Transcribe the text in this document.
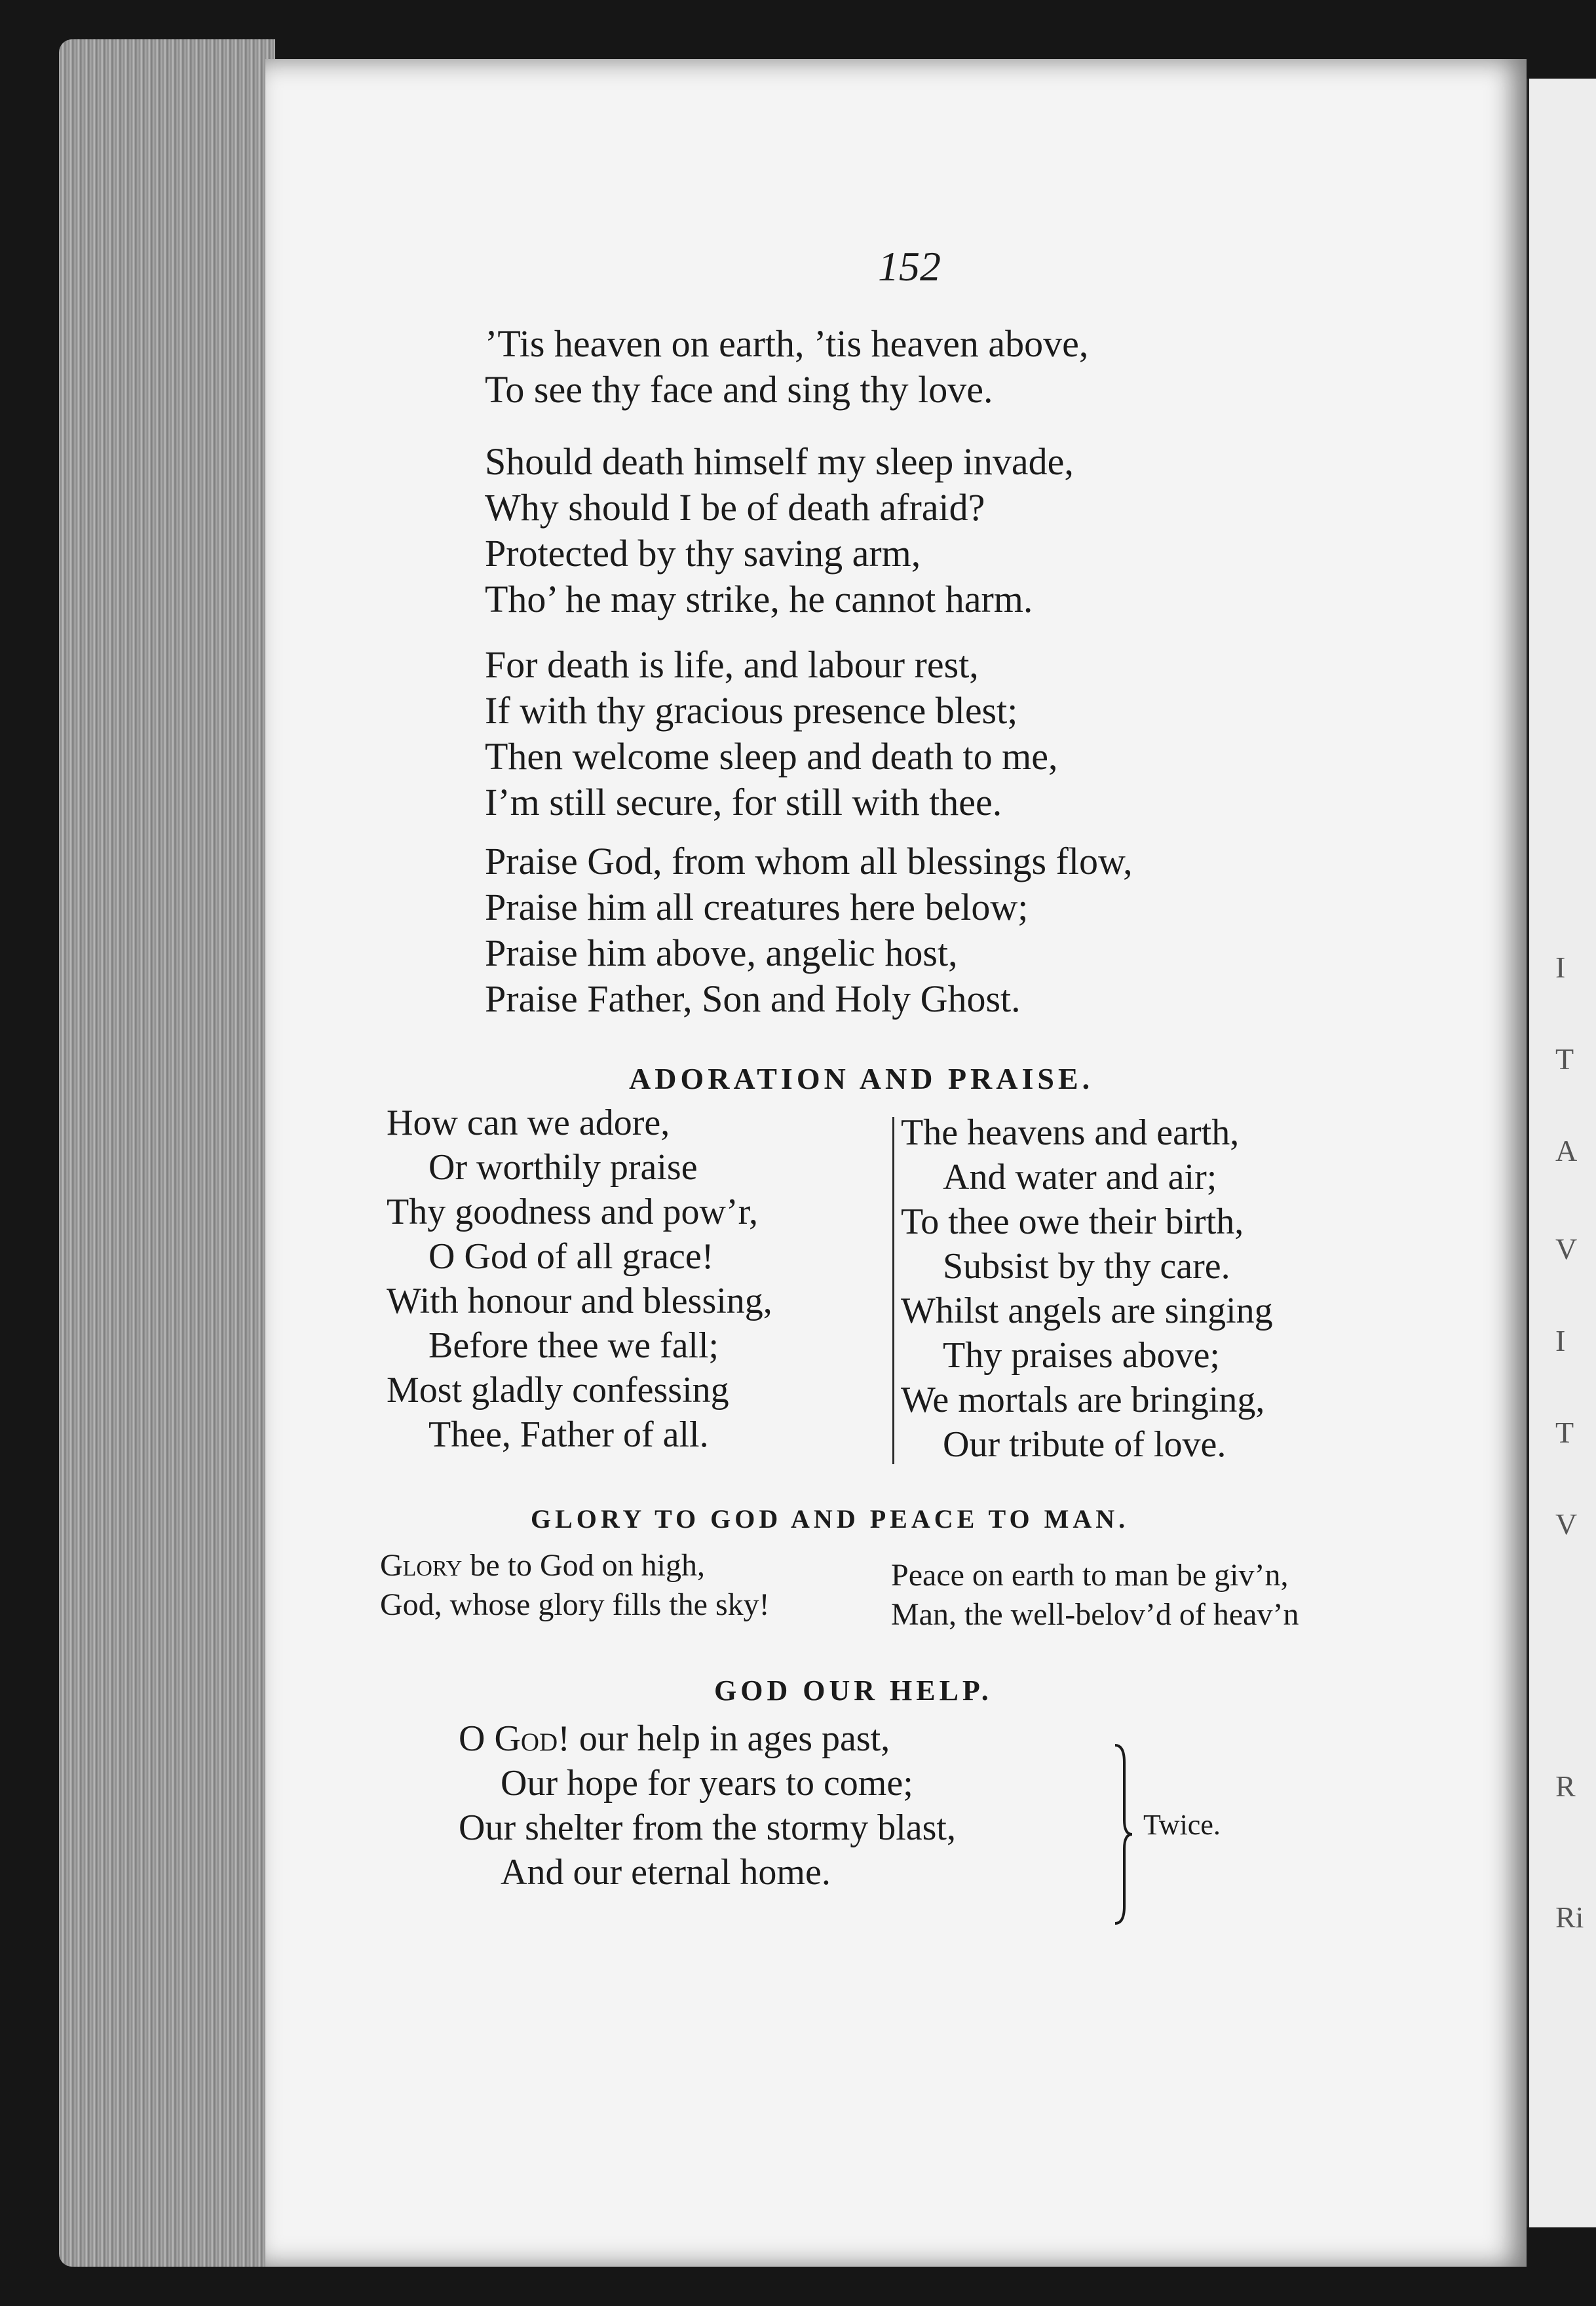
I
T
A
V
I
T
V
R
Ri
152
’Tis heaven on earth, ’tis heaven above,
To see thy face and sing thy love.
Should death himself my sleep invade,
Why should I be of death afraid?
Protected by thy saving arm,
Tho’ he may strike, he cannot harm.
For death is life, and labour rest,
If with thy gracious presence blest;
Then welcome sleep and death to me,
I’m still secure, for still with thee.
Praise God, from whom all blessings flow,
Praise him all creatures here below;
Praise him above, angelic host,
Praise Father, Son and Holy Ghost.
ADORATION AND PRAISE.
How can we adore,
Or worthily praise
Thy goodness and pow’r,
O God of all grace!
With honour and blessing,
Before thee we fall;
Most gladly confessing
Thee, Father of all.
The heavens and earth,
And water and air;
To thee owe their birth,
Subsist by thy care.
Whilst angels are singing
Thy praises above;
We mortals are bringing,
Our tribute of love.
GLORY TO GOD AND PEACE TO MAN.
Glory be to God on high,
God, whose glory fills the sky!
Peace on earth to man be giv’n,
Man, the well-belov’d of heav’n
GOD OUR HELP.
O God! our help in ages past,
Our hope for years to come;
Our shelter from the stormy blast,
And our eternal home.
Twice.
